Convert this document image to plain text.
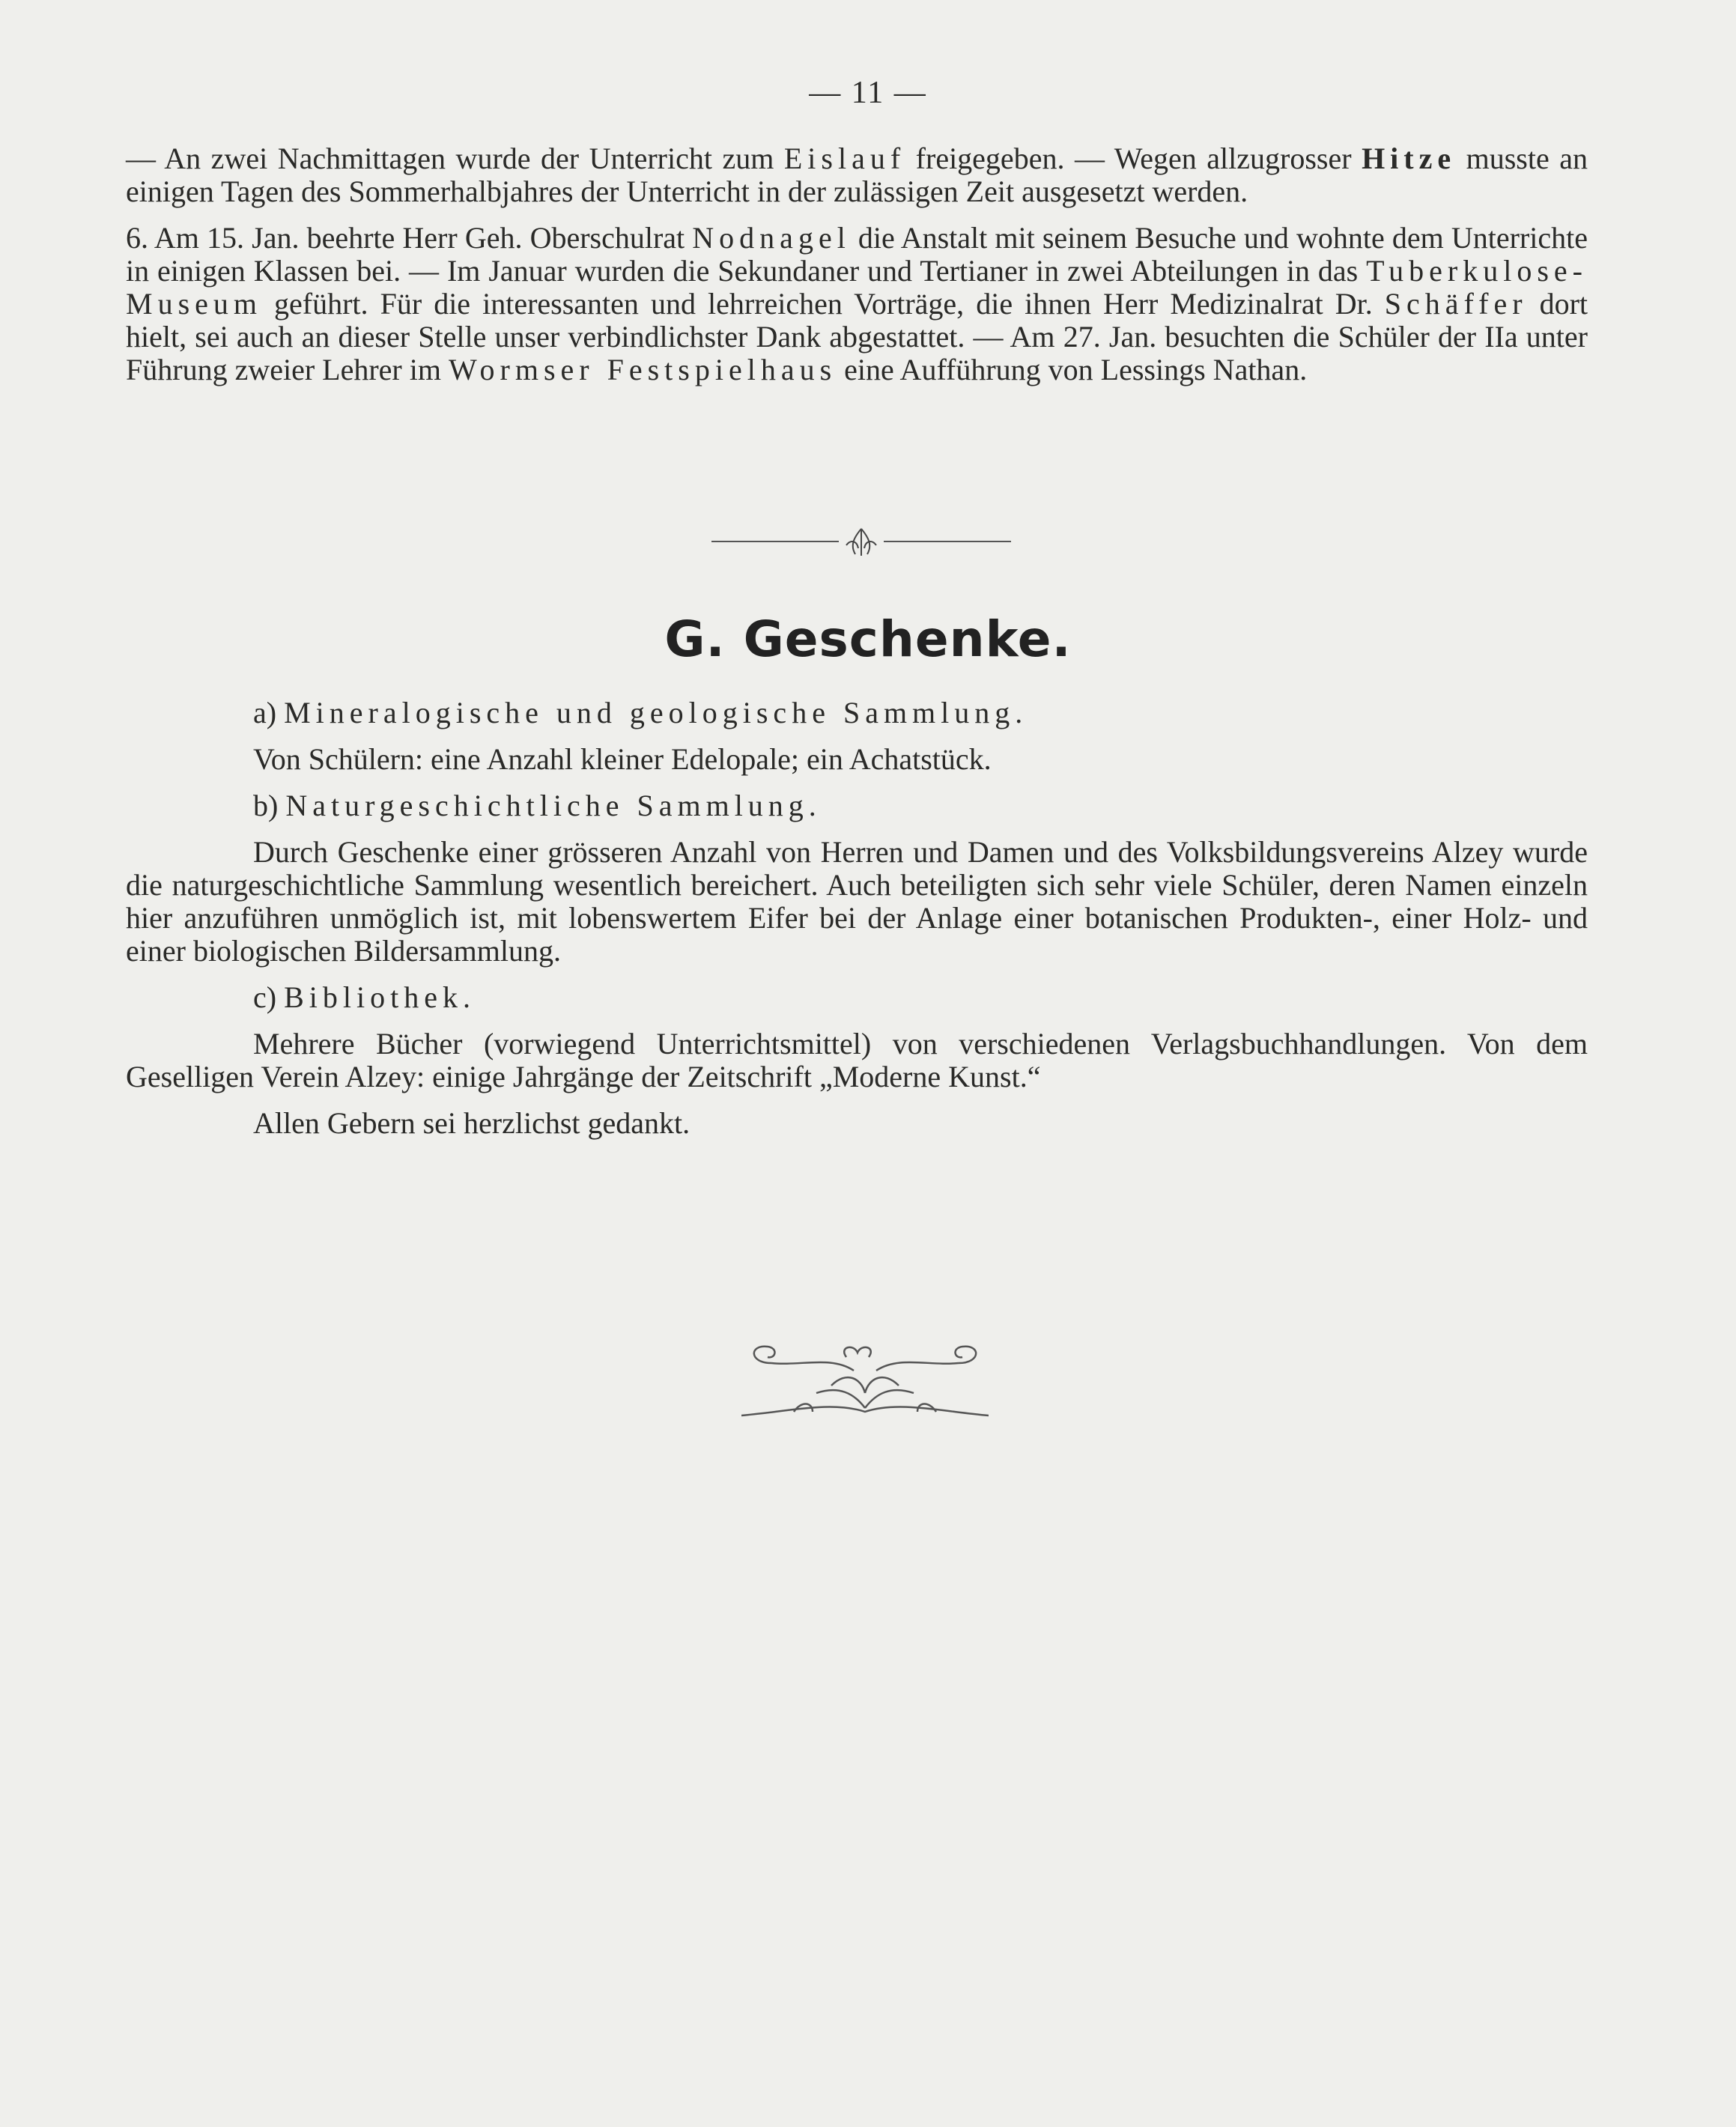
— 11 —

— An zwei Nachmittagen wurde der Unterricht zum Eislauf freigegeben. — Wegen allzugrosser Hitze musste an einigen Tagen des Sommerhalbjahres der Unterricht in der zulässigen Zeit ausgesetzt werden.

6. Am 15. Jan. beehrte Herr Geh. Oberschulrat Nodnagel die Anstalt mit seinem Besuche und wohnte dem Unterrichte in einigen Klassen bei. — Im Januar wurden die Sekundaner und Tertianer in zwei Abteilungen in das Tuberkulose-Museum geführt. Für die interessanten und lehrreichen Vorträge, die ihnen Herr Medizinalrat Dr. Schäffer dort hielt, sei auch an dieser Stelle unser verbindlichster Dank abgestattet. — Am 27. Jan. besuchten die Schüler der IIa unter Führung zweier Lehrer im Wormser Festspielhaus eine Aufführung von Lessings Nathan.

G. Geschenke.

a) Mineralogische und geologische Sammlung.

Von Schülern: eine Anzahl kleiner Edelopale; ein Achatstück.

b) Naturgeschichtliche Sammlung.

Durch Geschenke einer grösseren Anzahl von Herren und Damen und des Volksbildungsvereins Alzey wurde die naturgeschichtliche Sammlung wesentlich bereichert. Auch beteiligten sich sehr viele Schüler, deren Namen einzeln hier anzuführen unmöglich ist, mit lobenswertem Eifer bei der Anlage einer botanischen Produkten-, einer Holz- und einer biologischen Bildersammlung.

c) Bibliothek.

Mehrere Bücher (vorwiegend Unterrichtsmittel) von verschiedenen Verlagsbuchhandlungen. Von dem Geselligen Verein Alzey: einige Jahrgänge der Zeitschrift „Moderne Kunst.“

Allen Gebern sei herzlichst gedankt.
